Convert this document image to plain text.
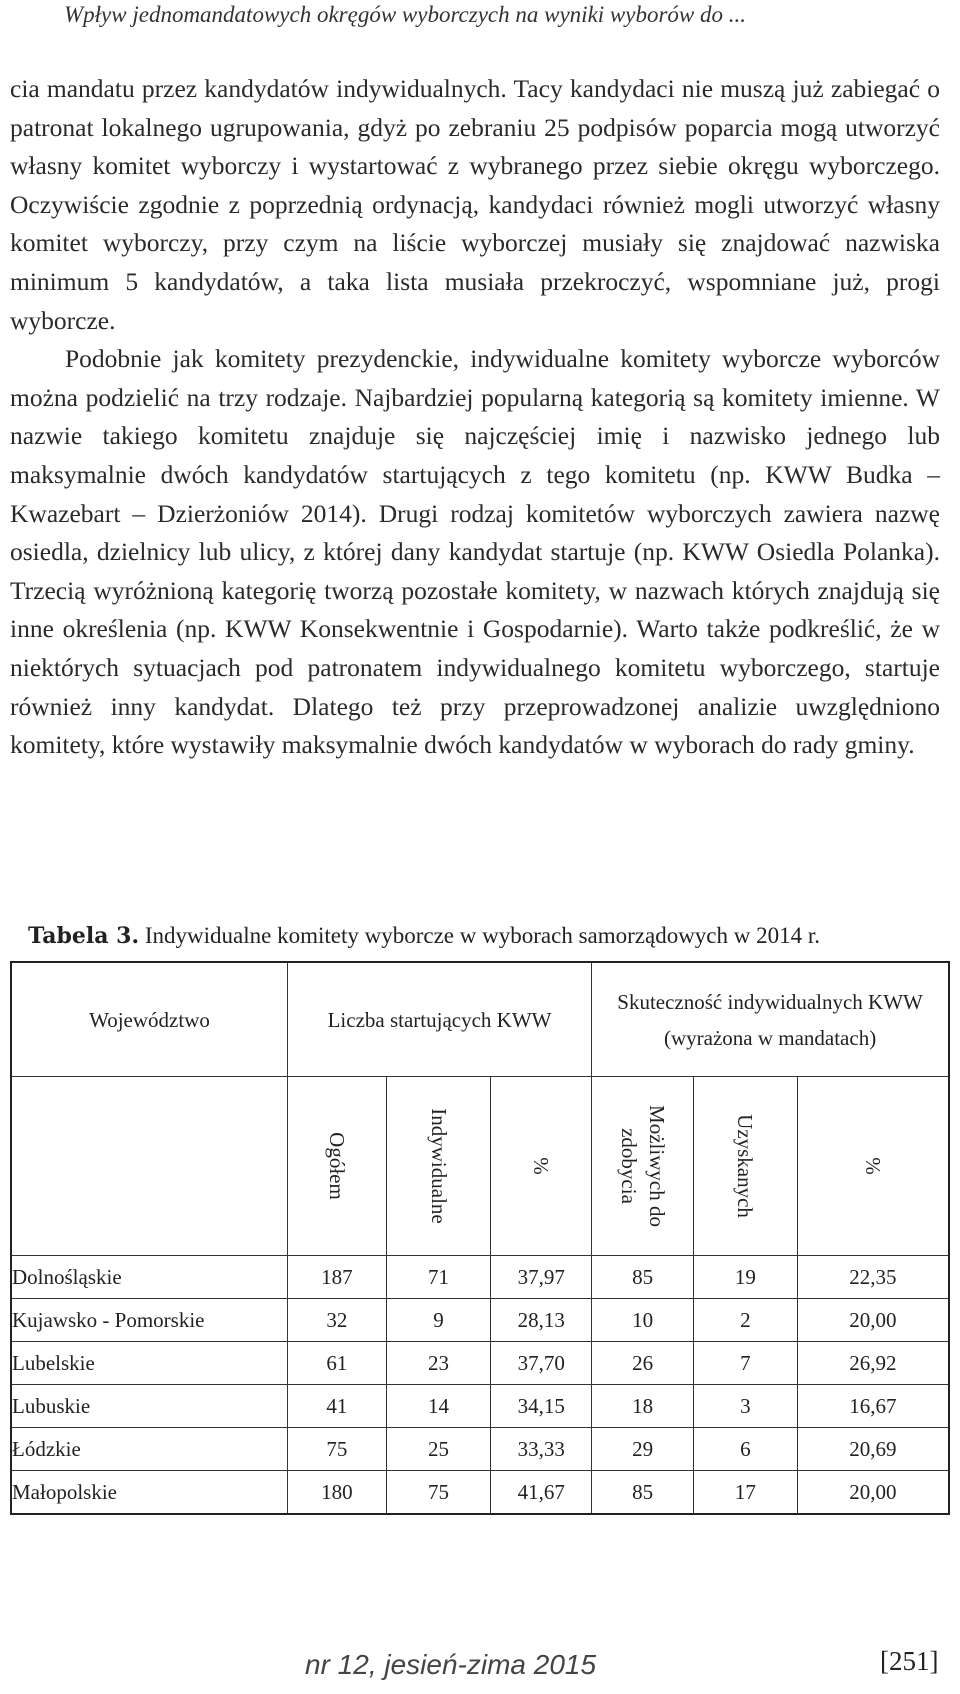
Wpływ jednomandatowych okręgów wyborczych na wyniki wyborów do ...

cia mandatu przez kandydatów indywidualnych. Tacy kandydaci nie muszą już zabiegać o patronat lokalnego ugrupowania, gdyż po zebraniu 25 podpisów poparcia mogą utworzyć własny komitet wyborczy i wystartować z wybranego przez siebie okręgu wyborczego. Oczywiście zgodnie z poprzednią ordynacją, kandydaci również mogli utworzyć własny komitet wyborczy, przy czym na liście wyborczej musiały się znajdować nazwiska minimum 5 kandydatów, a taka lista musiała przekroczyć, wspomniane już, progi wyborcze.

Podobnie jak komitety prezydenckie, indywidualne komitety wyborcze wyborców można podzielić na trzy rodzaje. Najbardziej popularną kategorią są komitety imienne. W nazwie takiego komitetu znajduje się najczęściej imię i nazwisko jednego lub maksymalnie dwóch kandydatów startujących z tego komitetu (np. KWW Budka – Kwazebart – Dzierżoniów 2014). Drugi rodzaj komitetów wyborczych zawiera nazwę osiedla, dzielnicy lub ulicy, z której dany kandydat startuje (np. KWW Osiedla Polanka). Trzecią wyróżnioną kategorię tworzą pozostałe komitety, w nazwach których znajdują się inne określenia (np. KWW Konsekwentnie i Gospodarnie). Warto także podkreślić, że w niektórych sytuacjach pod patronatem indywidualnego komitetu wyborczego, startuje również inny kandydat. Dlatego też przy przeprowadzonej analizie uwzględniono komitety, które wystawiły maksymalnie dwóch kandydatów w wyborach do rady gminy.

Tabela 3. Indywidualne komitety wyborcze w wyborach samorządowych w 2014 r.
Województwo	Liczba startujących KWW			Skuteczność indywidualnych KWW (wyrażona w mandatach)		

	Ogółem	Indywidualne	%	Możliwych do zdobycia	Uzyskanych	%

Dolnośląskie	187	71	37,97	85	19	22,35
Kujawsko - Pomorskie	32	9	28,13	10	2	20,00
Lubelskie	61	23	37,70	26	7	26,92
Lubuskie	41	14	34,15	18	3	16,67
Łódzkie	75	25	33,33	29	6	20,69
Małopolskie	180	75	41,67	85	17	20,00
nr 12, jesień-zima 2015	[251]
